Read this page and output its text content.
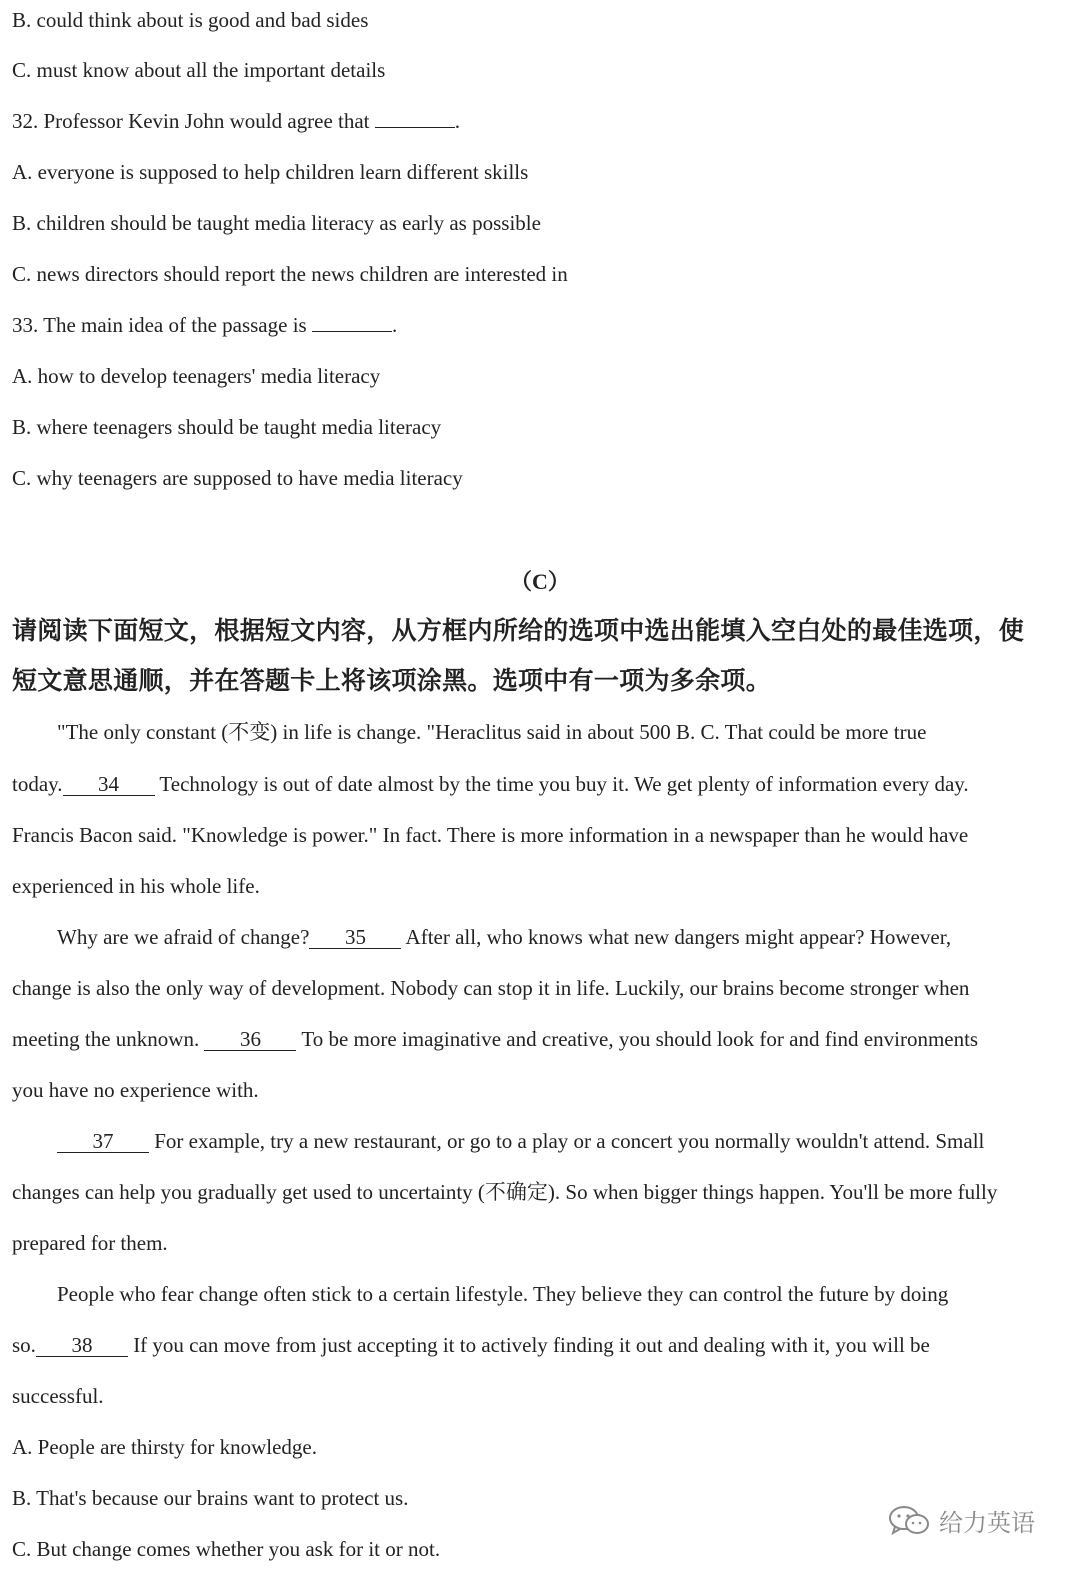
B. could think about is good and bad sides
C. must know about all the important details
32. Professor Kevin John would agree that	.
A. everyone is supposed to help children learn different skills
B. children should be taught media literacy as early as possible
C. news directors should report the news children are interested in
33. The main idea of the passage is	.
A. how to develop teenagers' media literacy
B. where teenagers should be taught media literacy
C. why teenagers are supposed to have media literacy
（C）
请阅读下面短文，根据短文内容，从方框内所给的选项中选出能填入空白处的最佳选项，使
短文意思通顺，并在答题卡上将该项涂黑。选项中有一项为多余项。
"The only constant (不变) in life is change. "Heraclitus said in about 500 B. C. That could be more true
today. 34 Technology is out of date almost by the time you buy it. We get plenty of information every day.
Francis Bacon said. "Knowledge is power." In fact. There is more information in a newspaper than he would have
experienced in his whole life.
Why are we afraid of change? 35 After all, who knows what new dangers might appear? However,
change is also the only way of development. Nobody can stop it in life. Luckily, our brains become stronger when
meeting the unknown. 36 To be more imaginative and creative, you should look for and find environments
you have no experience with.
37 For example, try a new restaurant, or go to a play or a concert you normally wouldn't attend. Small
changes can help you gradually get used to uncertainty (不确定). So when bigger things happen. You'll be more fully
prepared for them.
People who fear change often stick to a certain lifestyle. They believe they can control the future by doing
so. 38 If you can move from just accepting it to actively finding it out and dealing with it, you will be
successful.
A. People are thirsty for knowledge.
B. That's because our brains want to protect us.
C. But change comes whether you ask for it or not.
给力英语
